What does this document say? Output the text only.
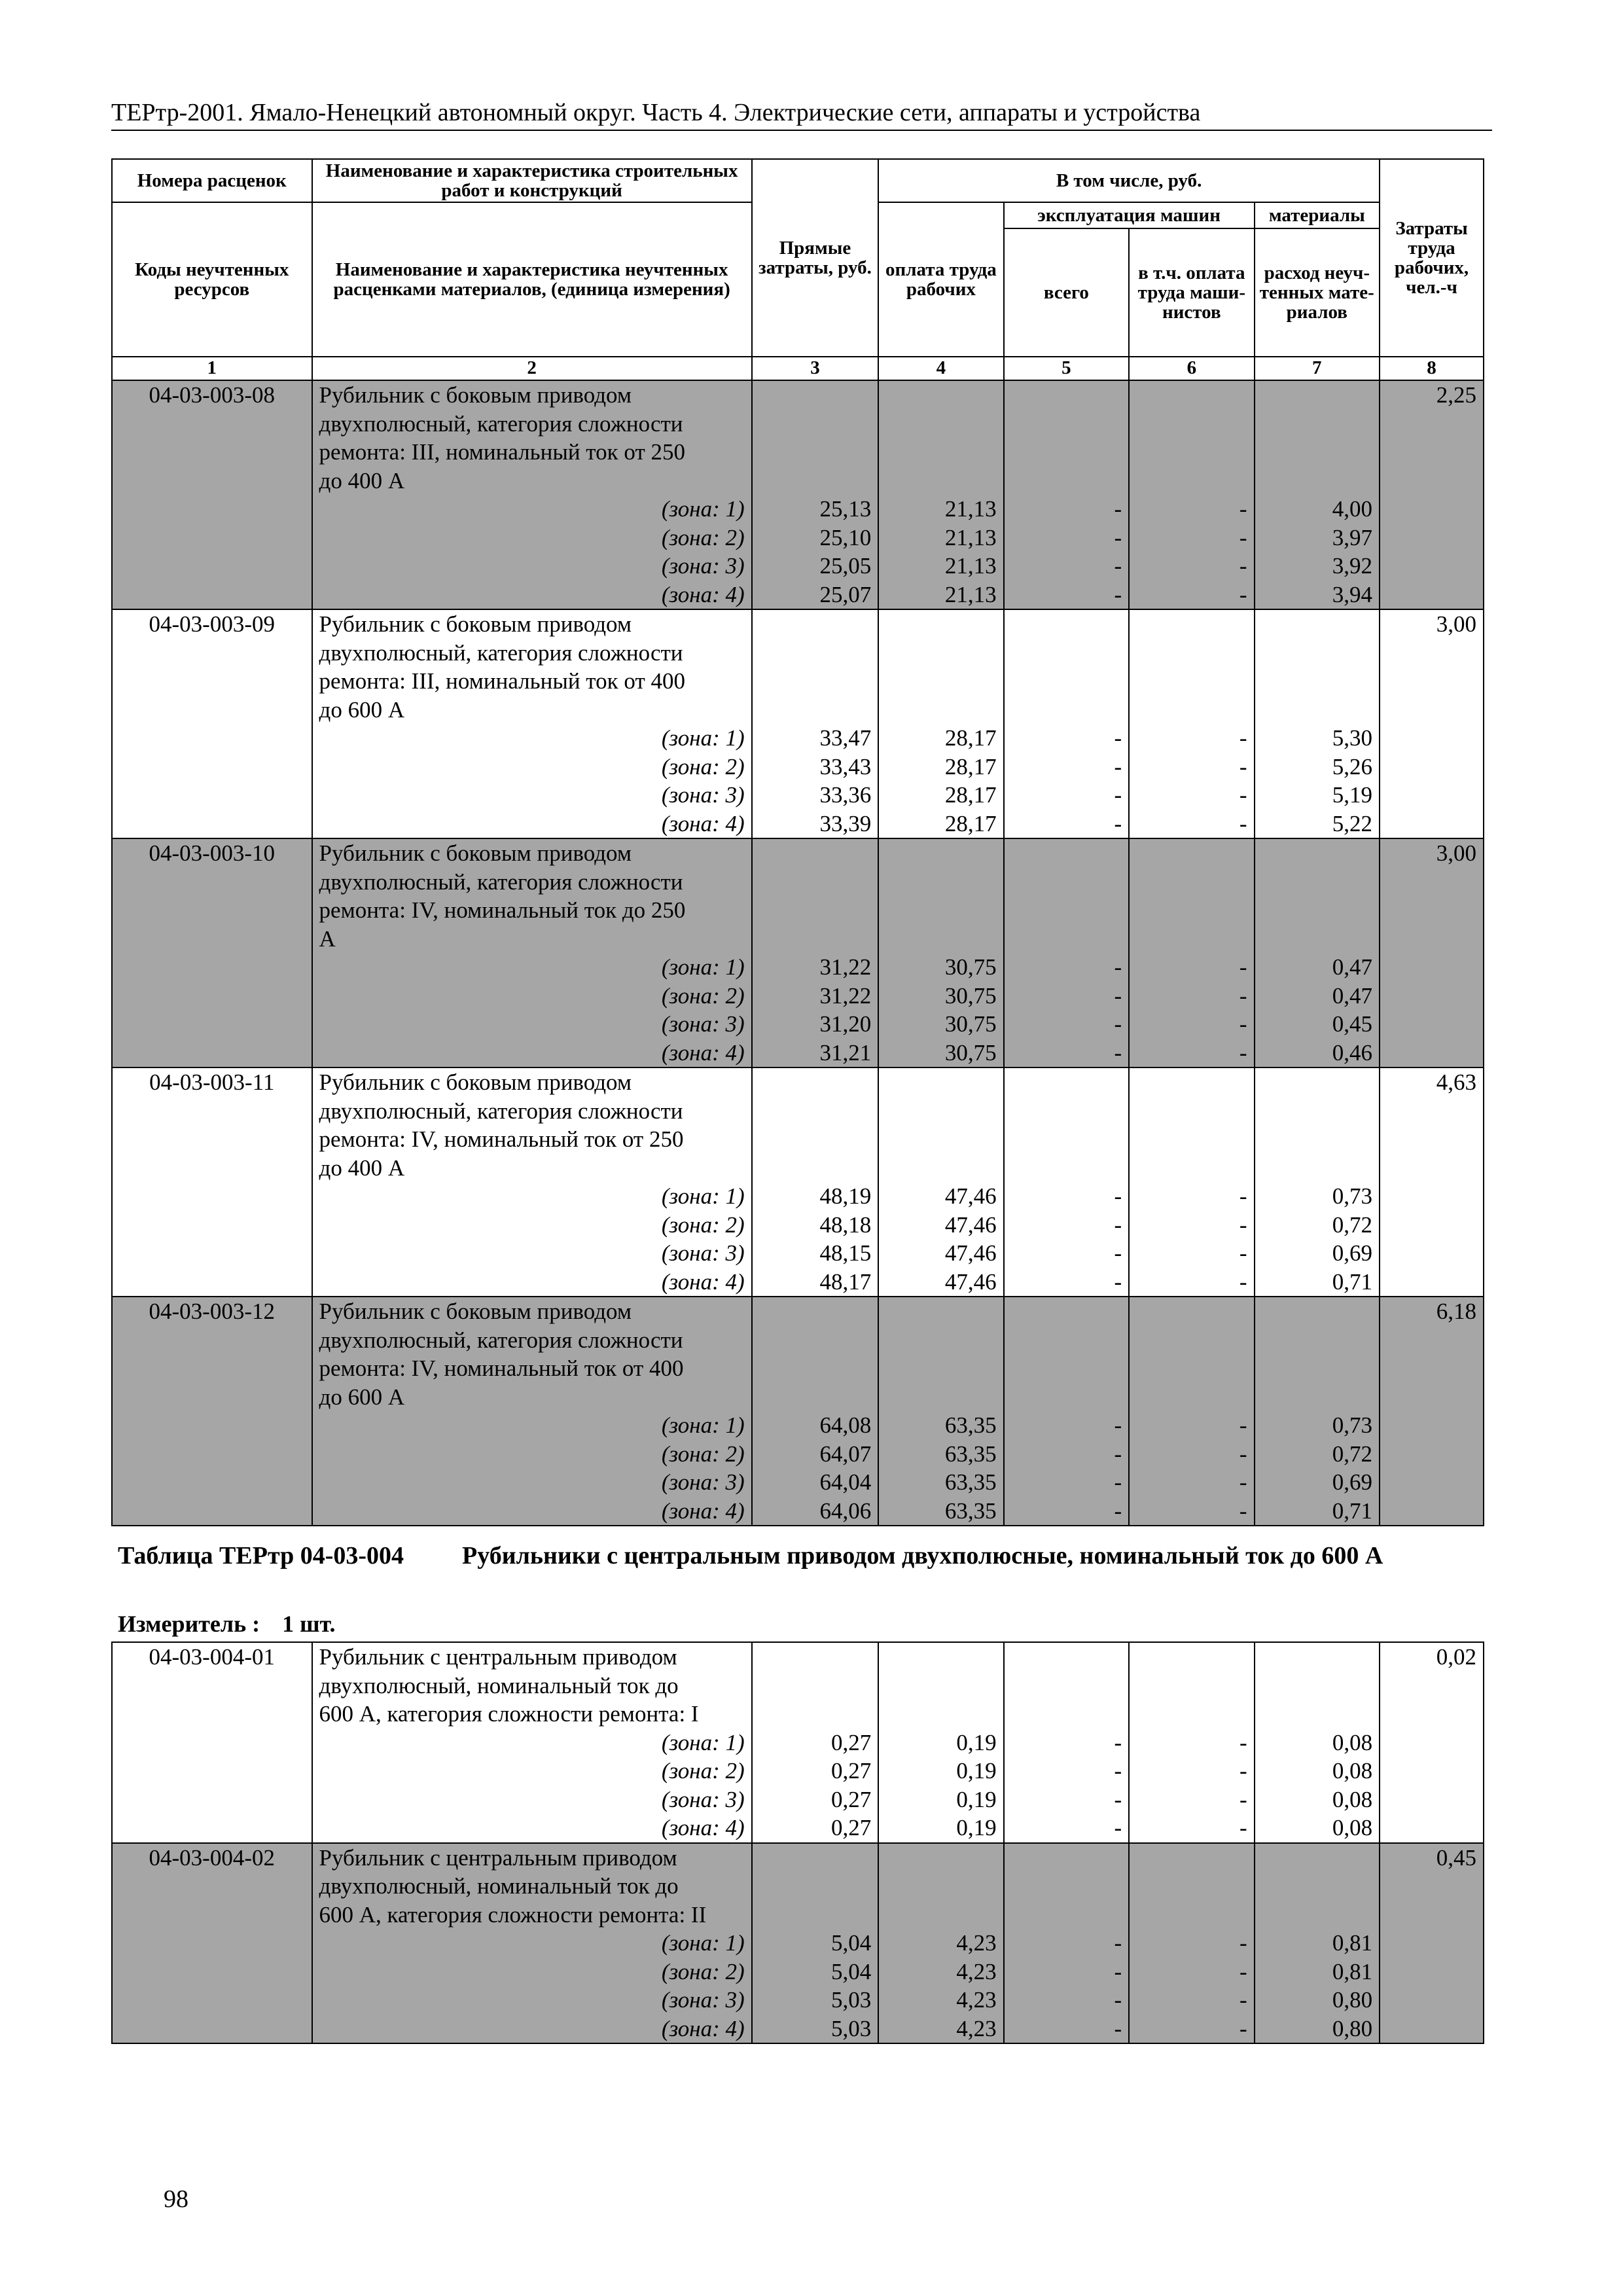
ТЕРтр-2001. Ямало-Ненецкий автономный округ. Часть 4. Электрические сети, аппараты и устройства
Номера расценок	Наименование и характеристика строительных работ и конструкций	Прямые затраты, руб.	В том числе, руб.				Затраты труда рабочих, чел.-ч
Коды неучтенных ресурсов	Наименование и характеристика неучтенных расценками материалов, (единица измерения)		оплата труда рабочих	эксплуатация машин		материалы	
				всего	в т.ч. оплата труда маши-нистов	расход неуч-тенных мате-риалов	
1	2	3	4	5	6	7	8
04-03-003-08	Рубильник с боковым приводом						2,25
	двухполюсный, категория сложности						
	ремонта: III, номинальный ток от 250						
	до 400 А						
	(зона: 1)	25,13	21,13	-	-	4,00	
	(зона: 2)	25,10	21,13	-	-	3,97	
	(зона: 3)	25,05	21,13	-	-	3,92	
	(зона: 4)	25,07	21,13	-	-	3,94	
04-03-003-09	Рубильник с боковым приводом						3,00
	двухполюсный, категория сложности						
	ремонта: III, номинальный ток от 400						
	до 600 А						
	(зона: 1)	33,47	28,17	-	-	5,30	
	(зона: 2)	33,43	28,17	-	-	5,26	
	(зона: 3)	33,36	28,17	-	-	5,19	
	(зона: 4)	33,39	28,17	-	-	5,22	
04-03-003-10	Рубильник с боковым приводом						3,00
	двухполюсный, категория сложности						
	ремонта: IV, номинальный ток до 250						
	А						
	(зона: 1)	31,22	30,75	-	-	0,47	
	(зона: 2)	31,22	30,75	-	-	0,47	
	(зона: 3)	31,20	30,75	-	-	0,45	
	(зона: 4)	31,21	30,75	-	-	0,46	
04-03-003-11	Рубильник с боковым приводом						4,63
	двухполюсный, категория сложности						
	ремонта: IV, номинальный ток от 250						
	до 400 А						
	(зона: 1)	48,19	47,46	-	-	0,73	
	(зона: 2)	48,18	47,46	-	-	0,72	
	(зона: 3)	48,15	47,46	-	-	0,69	
	(зона: 4)	48,17	47,46	-	-	0,71	
04-03-003-12	Рубильник с боковым приводом						6,18
	двухполюсный, категория сложности						
	ремонта: IV, номинальный ток от 400						
	до 600 А						
	(зона: 1)	64,08	63,35	-	-	0,73	
	(зона: 2)	64,07	63,35	-	-	0,72	
	(зона: 3)	64,04	63,35	-	-	0,69	
	(зона: 4)	64,06	63,35	-	-	0,71	
Таблица ТЕРтр 04-03-004 Рубильники с центральным приводом двухполюсные, номинальный ток до 600 А
Измеритель : 1 шт.
04-03-004-01	Рубильник с центральным приводом						0,02
	двухполюсный, номинальный ток до						
	600 А, категория сложности ремонта: I						
	(зона: 1)	0,27	0,19	-	-	0,08	
	(зона: 2)	0,27	0,19	-	-	0,08	
	(зона: 3)	0,27	0,19	-	-	0,08	
	(зона: 4)	0,27	0,19	-	-	0,08	
04-03-004-02	Рубильник с центральным приводом						0,45
	двухполюсный, номинальный ток до						
	600 А, категория сложности ремонта: II						
	(зона: 1)	5,04	4,23	-	-	0,81	
	(зона: 2)	5,04	4,23	-	-	0,81	
	(зона: 3)	5,03	4,23	-	-	0,80	
	(зона: 4)	5,03	4,23	-	-	0,80	
98
